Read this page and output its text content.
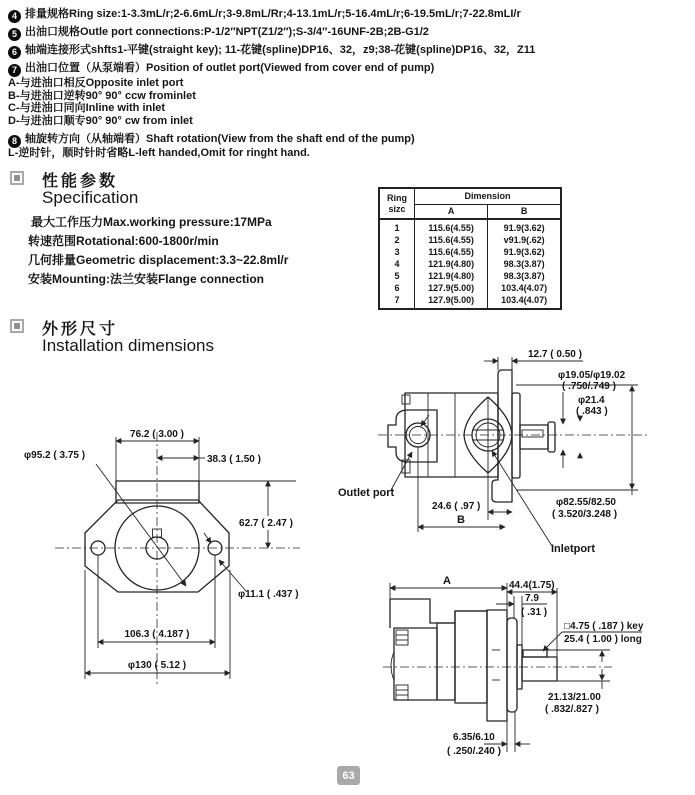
4 排量规格Ring size:1-3.3mL/r;2-6.6mL/r;3-9.8mL/Rr;4-13.1mL/r;5-16.4mL/r;6-19.5mL/r;7-22.8mLI/r
5 出油口规格Outle port connections:P-1/2″NPT(Z1/2″);S-3/4″-16UNF-2B;2B-G1/2
6 轴端连接形式shfts1-平键(straight key); 11-花键(spline)DP16、32，z9;38-花键(spline)DP16、32，Z11
7 出油口位置（从泵端看）Position of outlet port(Viewed from cover end of pump)
A-与进油口相反Opposite inlet port
B-与进油口逆转90° 90° ccw frominlet
C-与进油口同向Inline with inlet
D-与进油口顺专90° 90° cw from inlet
8 轴旋转方向（从轴端看）Shaft rotation(View from the shaft end of the pump)
L-逆时针，顺时针时省略L-left handed,Omit for ringht hand.
性能参数
Specification
最大工作压力Max.working pressure:17MPa
转速范围Rotational:600-1800r/min
几何排量Geometric displacement:3.3~22.8ml/r
安装Mounting:法兰安装Flange connection
Ring
sizc	Dimension	
	A	B
1	115.6(4.55)	91.9(3.62)
2	115.6(4.55)	v91.9(.62)
3	115.6(4.55)	91.9(3.62)
4	121.9(4.80)	98.3(3.87)
5	121.9(4.80)	98.3(3.87)
6	127.9(5.00)	103.4(4.07)
7	127.9(5.00)	103.4(4.07)
外形尺寸
Installation dimensions
76.2 ( 3.00 )
38.3 ( 1.50 )
φ95.2 ( 3.75 )
62.7 ( 2.47 )
φ11.1 ( .437 )
106.3 ( 4.187 )
φ130 ( 5.12 )
12.7 ( 0.50 )
φ19.05/φ19.02
( .750/.749 )
φ21.4
( .843 )
φ82.55/82.50
( 3.520/3.248 )
24.6 ( .97 )
B
Outlet port
Inletport
A	44.4(1.75)
7.9
( .31 )
□4.75 ( .187 ) key
25.4 ( 1.00 ) long
21.13/21.00
( .832/.827 )
6.35/6.10
( .250/.240 )
63
